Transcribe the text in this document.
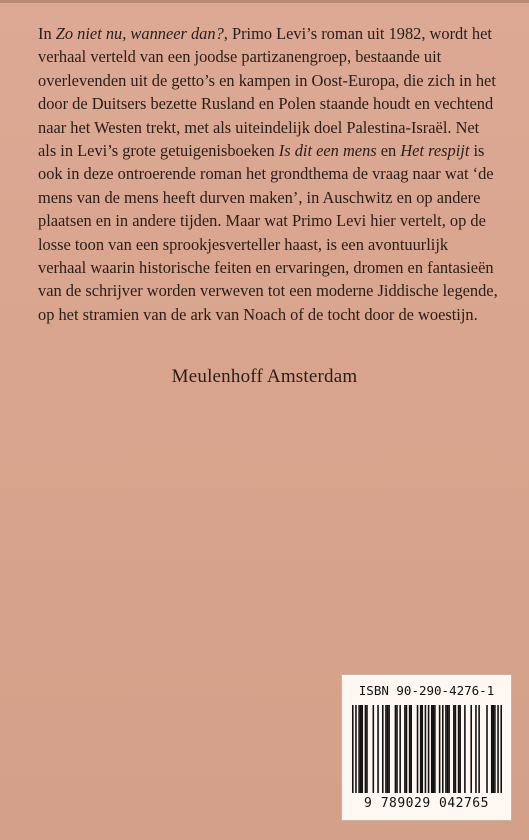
In Zo niet nu, wanneer dan?, Primo Levi’s roman uit 1982, wordt het verhaal verteld van een joodse partizanengroep, bestaande uit overlevenden uit de getto’s en kampen in Oost-Europa, die zich in het door de Duitsers bezette Rusland en Polen staande houdt en vechtend naar het Westen trekt, met als uiteindelijk doel Palestina-Israël. Net als in Levi’s grote getuigenisboeken Is dit een mens en Het respijt is ook in deze ontroerende roman het grondthema de vraag naar wat ‘de mens van de mens heeft durven maken’, in Auschwitz en op andere plaatsen en in andere tijden. Maar wat Primo Levi hier vertelt, op de losse toon van een sprookjesverteller haast, is een avontuurlijk verhaal waarin historische feiten en ervaringen, dromen en fantasieën van de schrijver worden verweven tot een moderne Jiddische legende, op het stramien van de ark van Noach of de tocht door de woestijn.

Meulenhoff Amsterdam
ISBN 90-290-4276-1
9 789029 042765
